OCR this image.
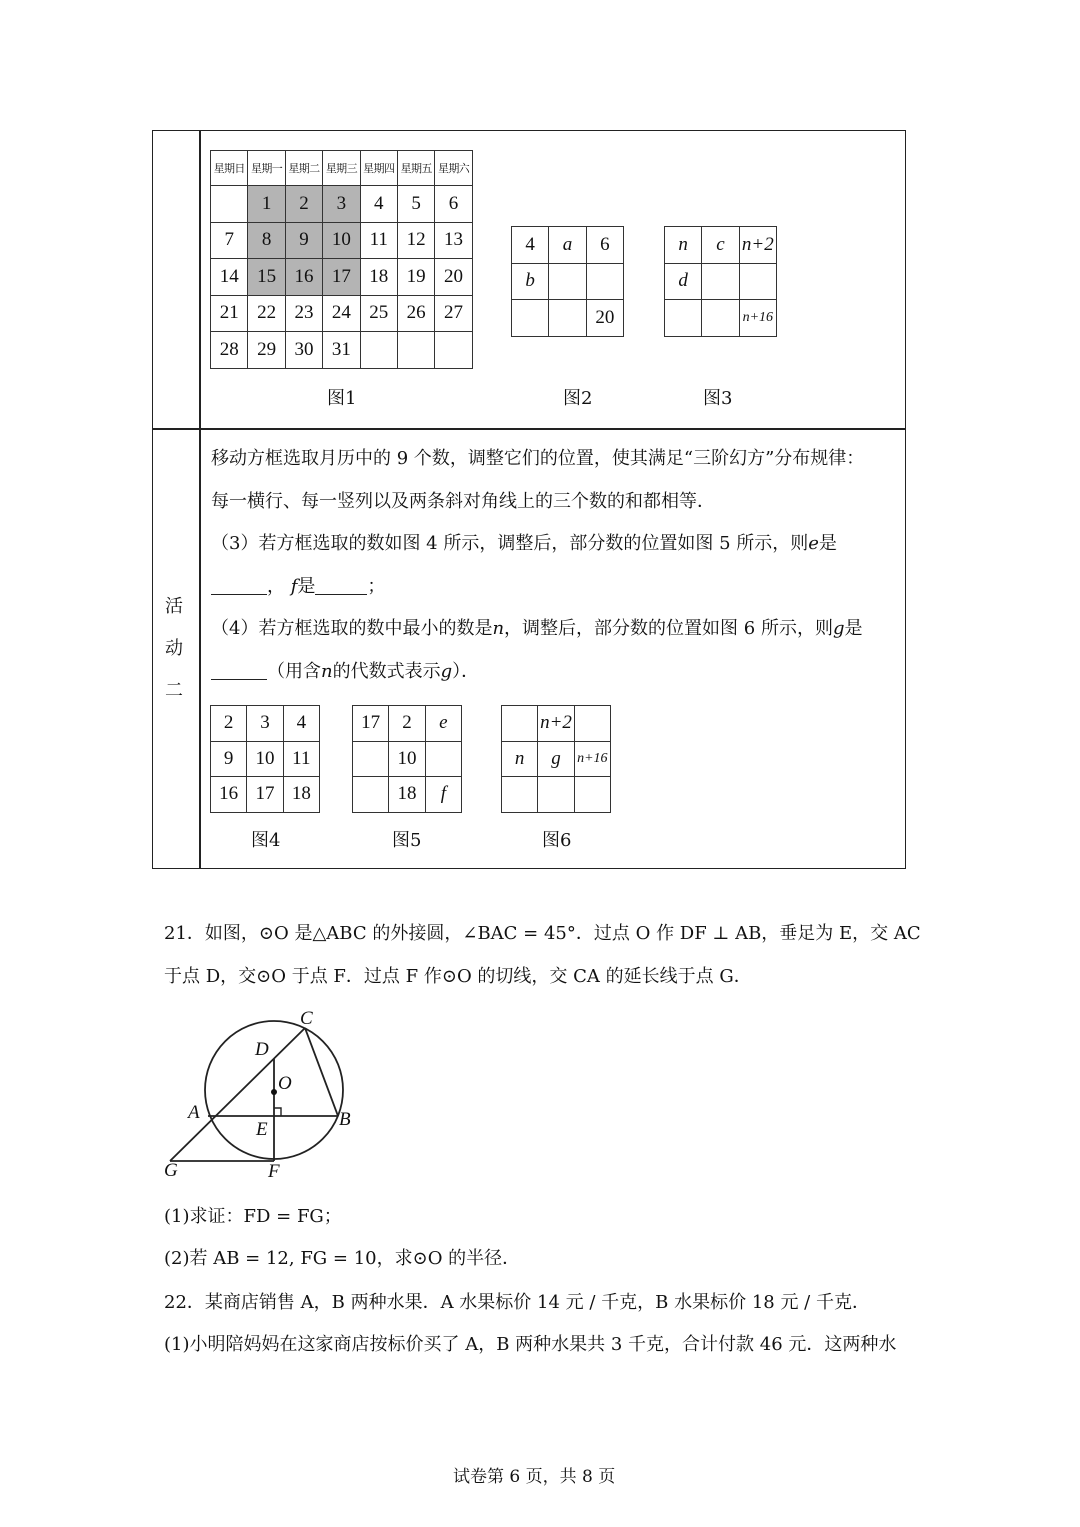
星期日	星期一	星期二	星期三	星期四	星期五	星期六
	1	2	3	4	5	6
7	8	9	10	11	12	13
14	15	16	17	18	19	20
21	22	23	24	25	26	27
28	29	30	31			
图1
4	a	6
b		
		20
图2
n	c	n+2
d		
		n+16
图3
活
动
二
移动方框选取月历中的 9 个数，调整它们的位置，使其满足“三阶幻方”分布规律：
每一横行、每一竖列以及两条斜对角线上的三个数的和都相等．
（3）若方框选取的数如图 4 所示，调整后，部分数的位置如图 5 所示，则e是
， f是	；
（4）若方框选取的数中最小的数是n，调整后，部分数的位置如图 6 所示，则g是
（用含n的代数式表示g）．
2	3	4
9	10	11
16	17	18
图4
17	2	e
	10	
	18	f
图5
	n+2	
n	g	n+16

图6
21．如图，⊙O 是△ABC 的外接圆，∠BAC = 45°．过点 O 作 DF ⊥ AB，垂足为 E，交 AC
于点 D，交⊙O 于点 F．过点 F 作⊙O 的切线，交 CA 的延长线于点 G．
C
D
O
A	B
E
G	F
(1)求证：FD = FG；
(2)若 AB = 12, FG = 10，求⊙O 的半径．
22．某商店销售 A，B 两种水果．A 水果标价 14 元 / 千克，B 水果标价 18 元 / 千克．
(1)小明陪妈妈在这家商店按标价买了 A，B 两种水果共 3 千克，合计付款 46 元．这两种水
试卷第 6 页，共 8 页
